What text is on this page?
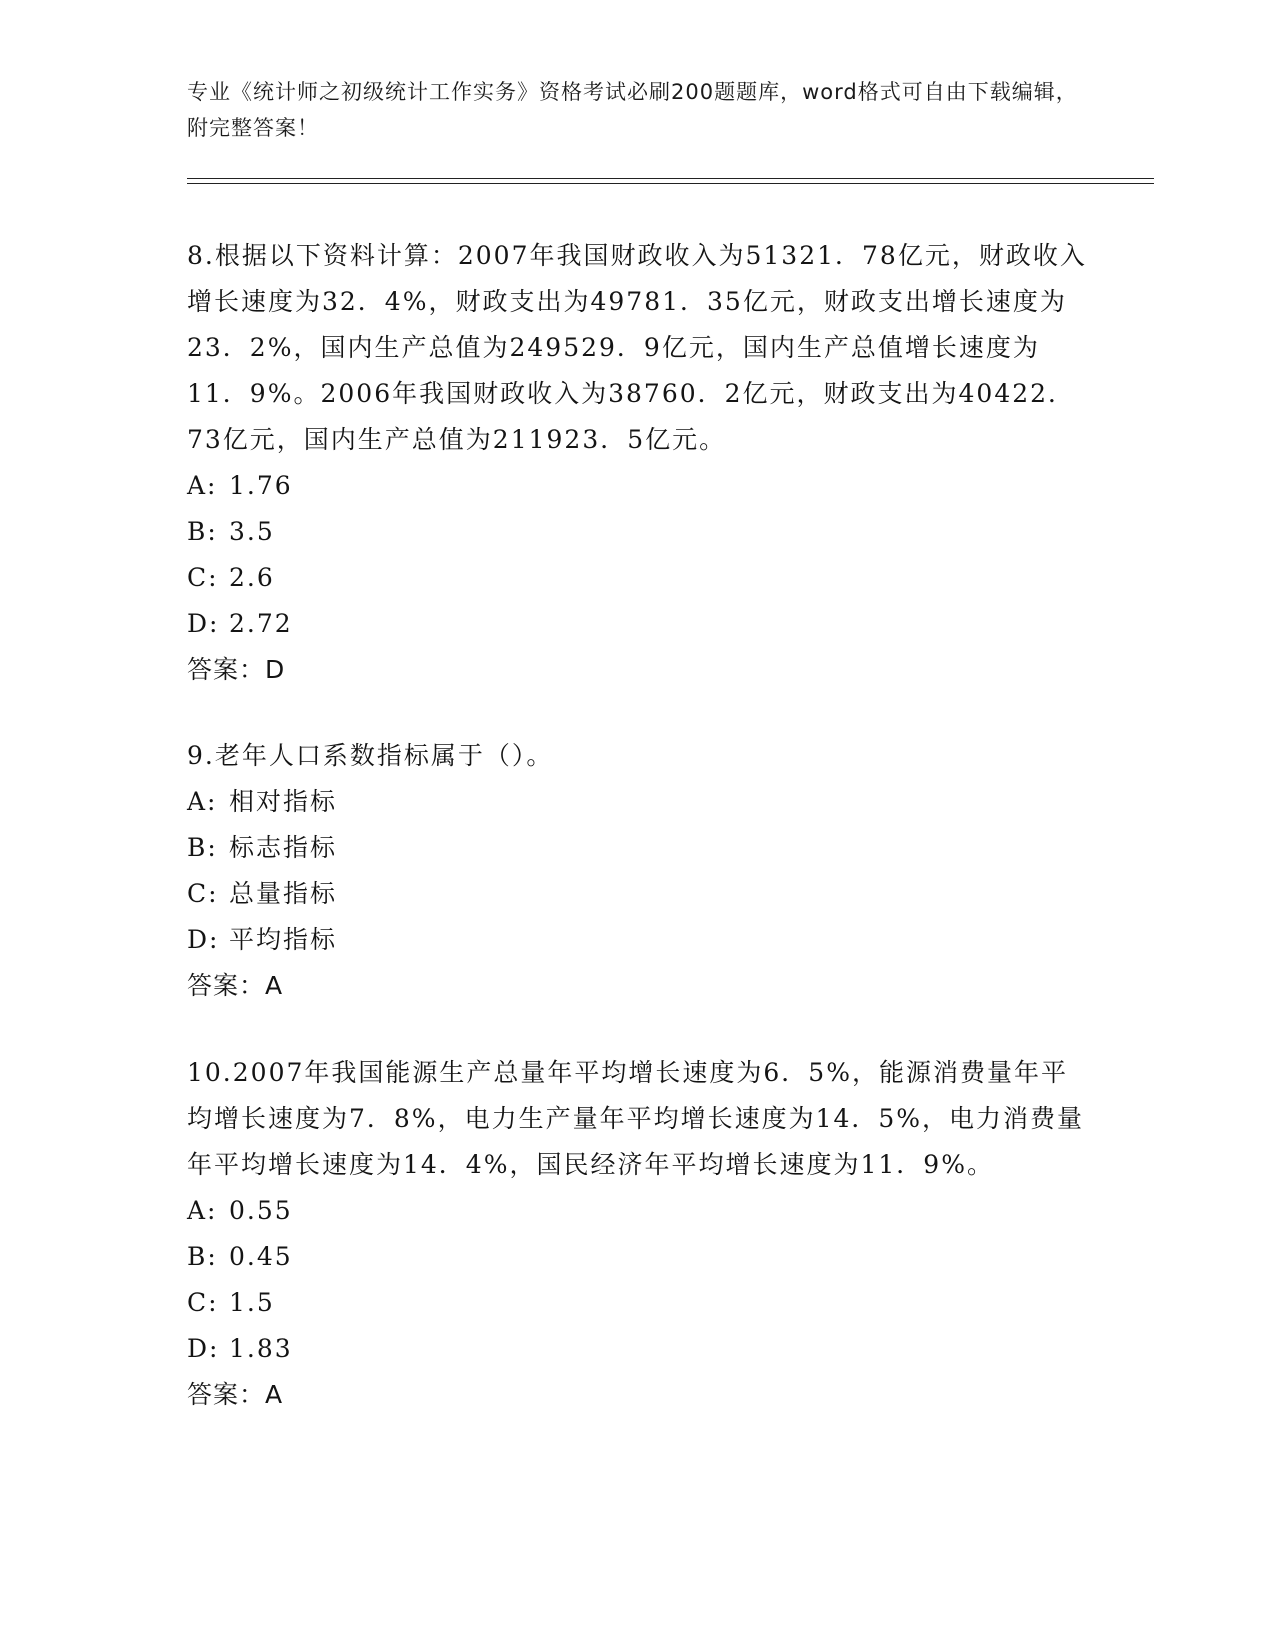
专业《统计师之初级统计工作实务》资格考试必刷200题题库，word格式可自由下载编辑，附完整答案！

8.根据以下资料计算：2007年我国财政收入为51321．78亿元，财政收入增长速度为32．4%，财政支出为49781．35亿元，财政支出增长速度为23．2%，国内生产总值为249529．9亿元，国内生产总值增长速度为11．9%。2006年我国财政收入为38760．2亿元，财政支出为40422．73亿元，国内生产总值为211923．5亿元。

A: 1.76

B: 3.5

C: 2.6

D: 2.72

答案：D

9.老年人口系数指标属于（）。

A: 相对指标

B: 标志指标

C: 总量指标

D: 平均指标

答案：A

10.2007年我国能源生产总量年平均增长速度为6．5%，能源消费量年平均增长速度为7．8%，电力生产量年平均增长速度为14．5%，电力消费量年平均增长速度为14．4%，国民经济年平均增长速度为11．9%。

A: 0.55

B: 0.45

C: 1.5

D: 1.83

答案：A
